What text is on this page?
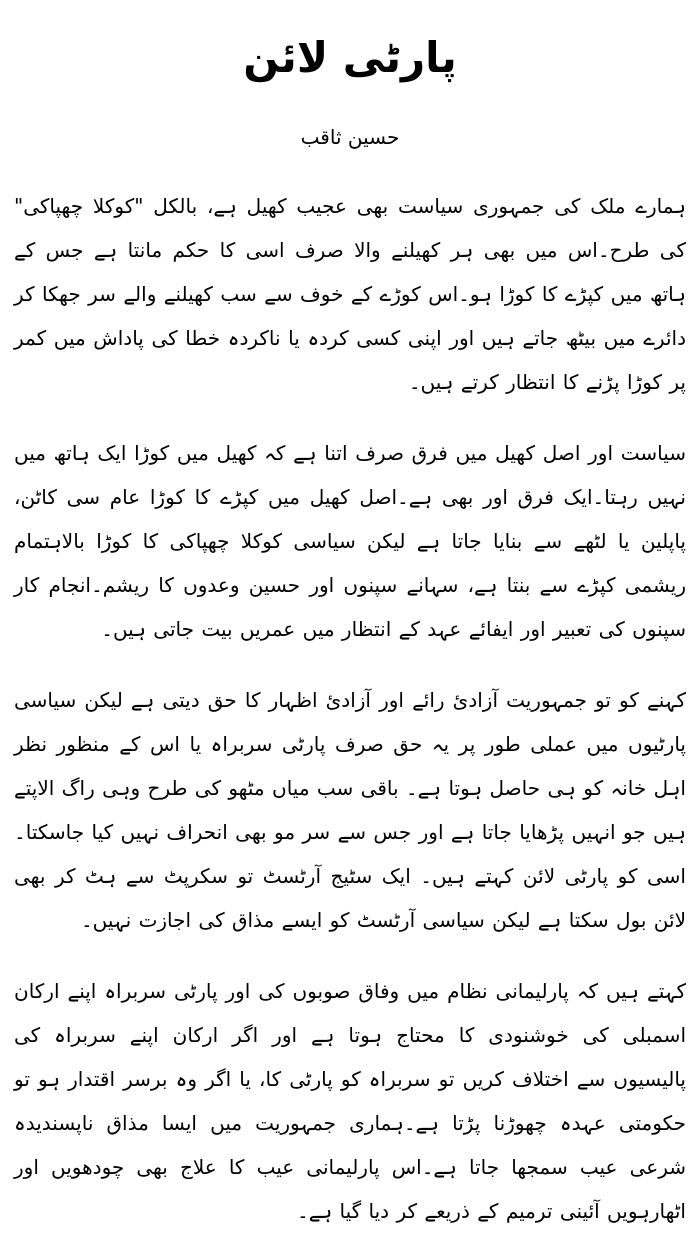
پارٹی لائن
حسین ثاقب

ہمارے ملک کی جمہوری سیاست بھی عجیب کھیل ہے، بالکل "کوکلا چھپاکی" کی طرح۔اس میں بھی ہر کھیلنے والا صرف اسی کا حکم مانتا ہے جس کے ہاتھ میں کپڑے کا کوڑا ہو۔اس کوڑے کے خوف سے سب کھیلنے والے سر جھکا کر دائرے میں بیٹھ جاتے ہیں اور اپنی کسی کردہ یا ناکردہ خطا کی پاداش میں کمر پر کوڑا پڑنے کا انتظار کرتے ہیں۔

سیاست اور اصل کھیل میں فرق صرف اتنا ہے کہ کھیل میں کوڑا ایک ہاتھ میں نہیں رہتا۔ایک فرق اور بھی ہے۔اصل کھیل میں کپڑے کا کوڑا عام سی کاٹن، پاپلین یا لٹھے سے بنایا جاتا ہے لیکن سیاسی کوکلا چھپاکی کا کوڑا بالاہتمام ریشمی کپڑے سے بنتا ہے، سہانے سپنوں اور حسین وعدوں کا ریشم۔انجام کار سپنوں کی تعبیر اور ایفائے عہد کے انتظار میں عمریں بیت جاتی ہیں۔

کہنے کو تو جمہوریت آزادیٔ رائے اور آزادیٔ اظہار کا حق دیتی ہے لیکن سیاسی پارٹیوں میں عملی طور پر یہ حق صرف پارٹی سربراہ یا اس کے منظور نظر اہل خانہ کو ہی حاصل ہوتا ہے۔ باقی سب میاں مٹھو کی طرح وہی راگ الاپتے ہیں جو انہیں پڑھایا جاتا ہے اور جس سے سر مو بھی انحراف نہیں کیا جاسکتا۔اسی کو پارٹی لائن کہتے ہیں۔ ایک سٹیج آرٹسٹ تو سکرپٹ سے ہٹ کر بھی لائن بول سکتا ہے لیکن سیاسی آرٹسٹ کو ایسے مذاق کی اجازت نہیں۔

کہتے ہیں کہ پارلیمانی نظام میں وفاق صوبوں کی اور پارٹی سربراہ اپنے ارکان اسمبلی کی خوشنودی کا محتاج ہوتا ہے اور اگر ارکان اپنے سربراہ کی پالیسیوں سے اختلاف کریں تو سربراہ کو پارٹی کا، یا اگر وہ برسر اقتدار ہو تو حکومتی عہدہ چھوڑنا پڑتا ہے۔ہماری جمہوریت میں ایسا مذاق ناپسندیدہ شرعی عیب سمجھا جاتا ہے۔اس پارلیمانی عیب کا علاج بھی چودھویں اور اٹھارہویں آئینی ترمیم کے ذریعے کر دیا گیا ہے۔
